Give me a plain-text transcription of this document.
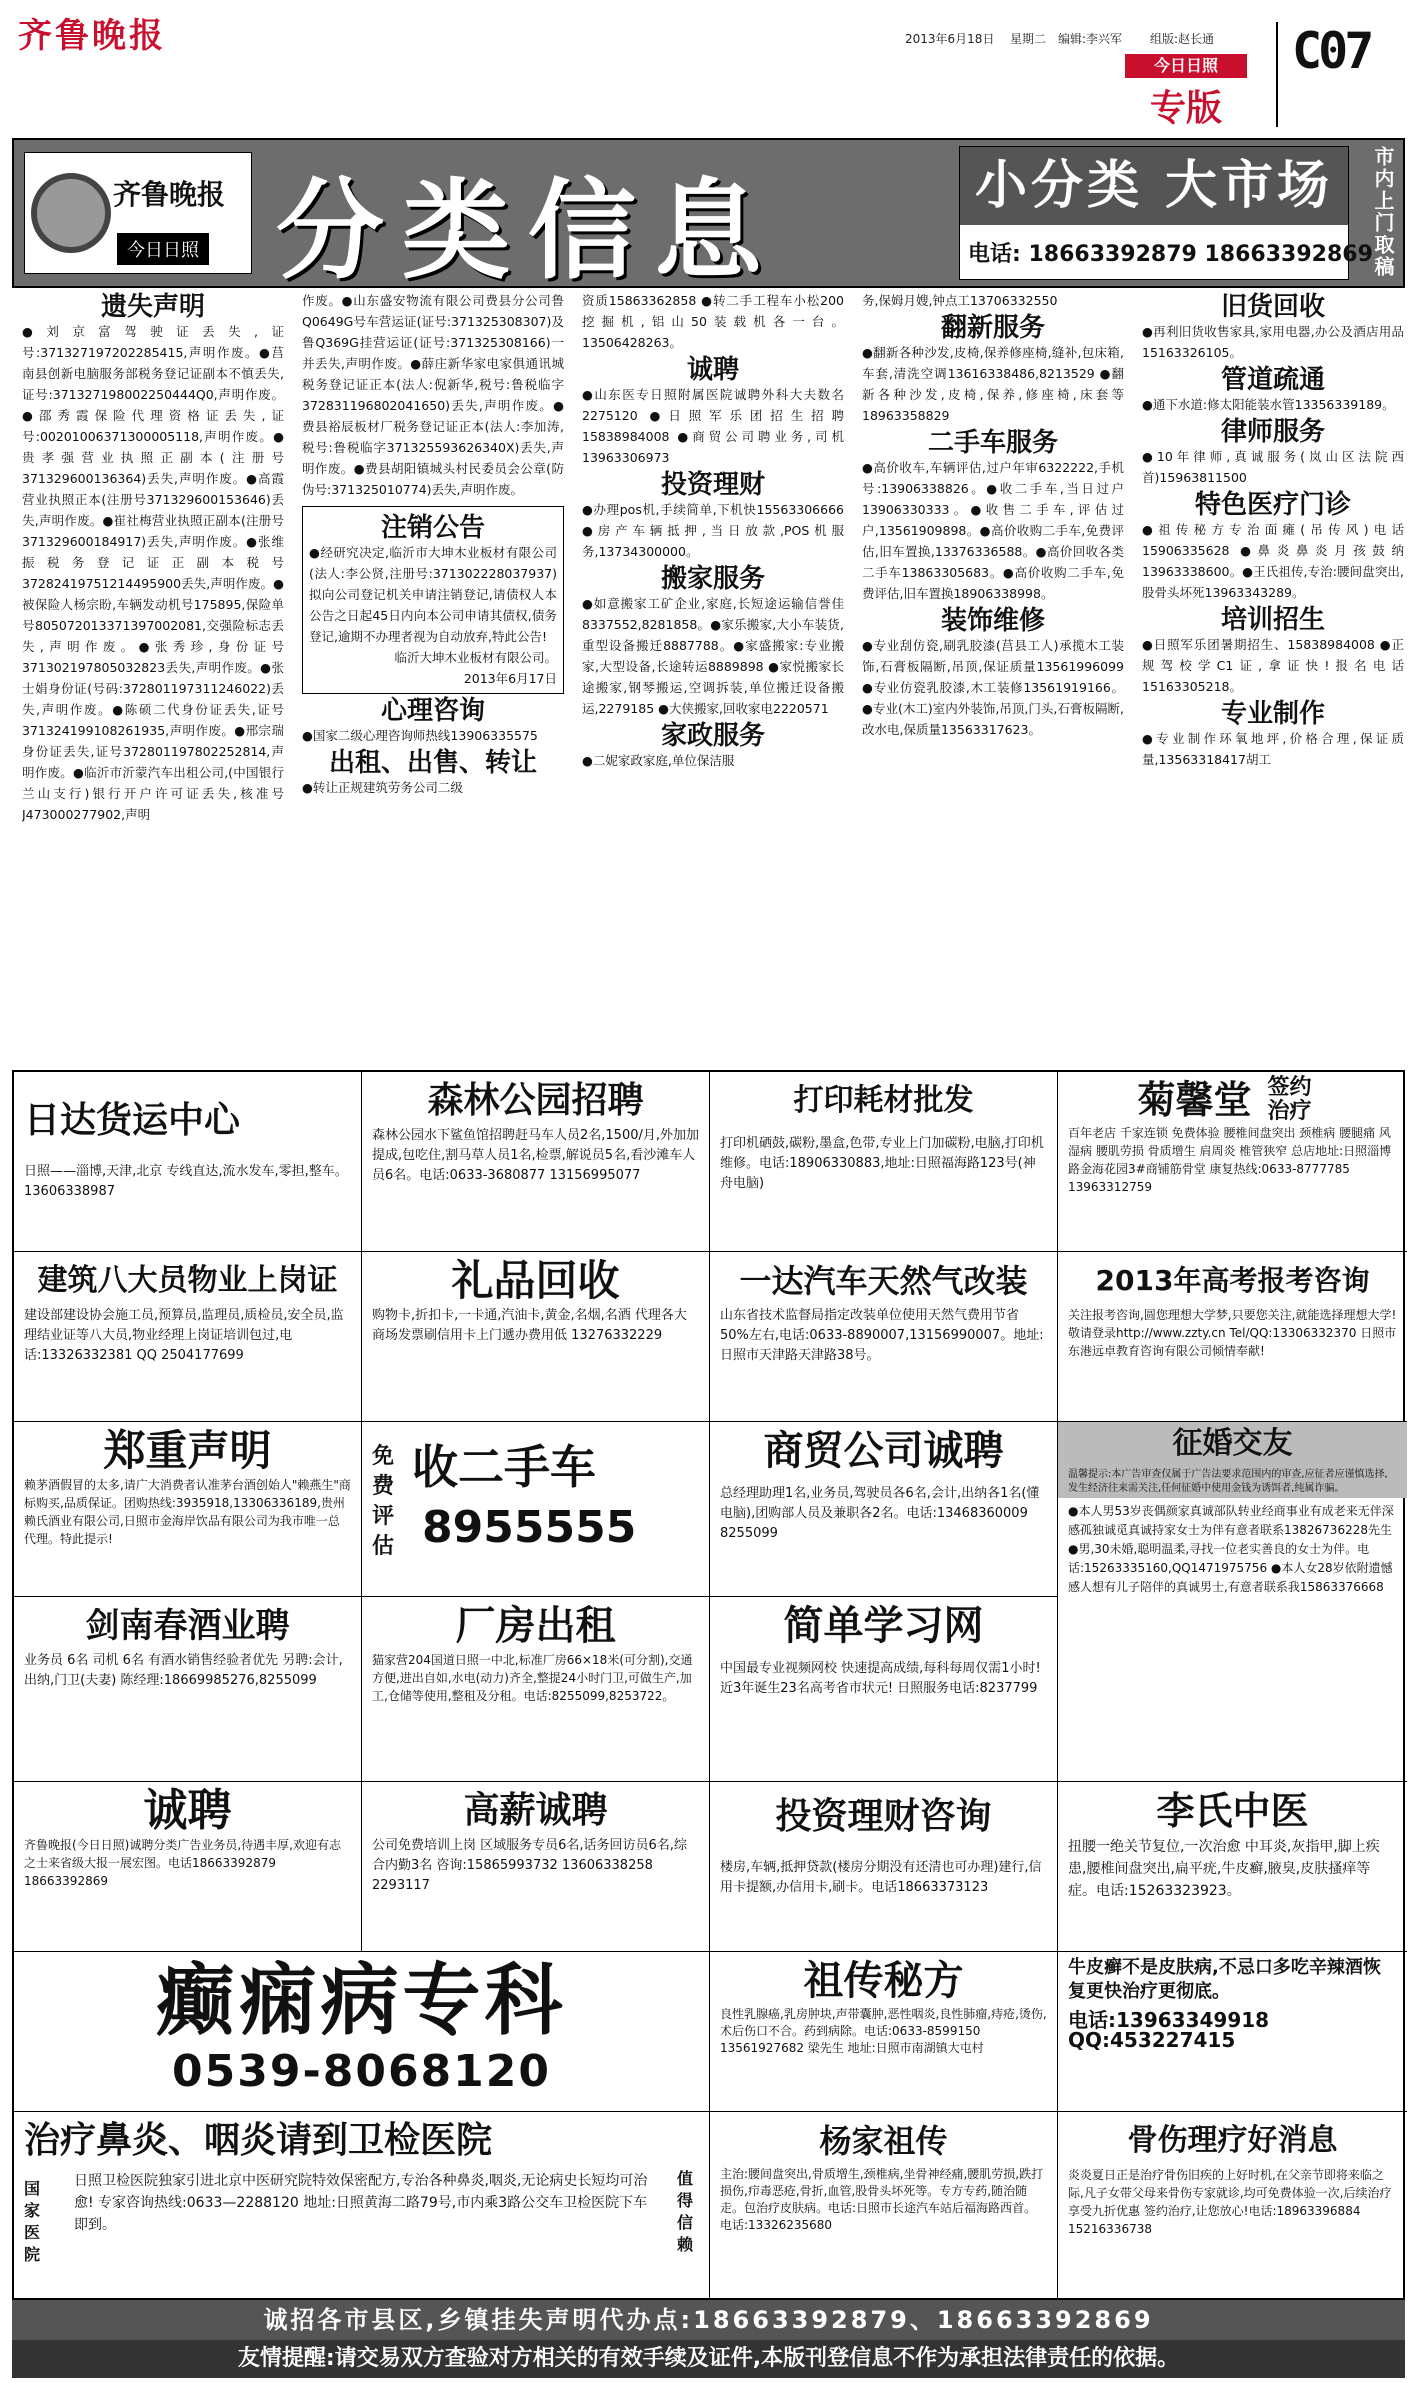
齐鲁晚报	2013年6月18日 星期二 编辑:李兴军 组版:赵长通
今日日照
专版
C07
齐鲁晚报
今日日照 分类信息	小分类 大市场
电话: 18663392879 18663392869
市内上门取稿
遗失声明

●刘京富驾驶证丢失,证号:371327197202285415,声明作废。●莒南县创新电脑服务部税务登记证副本不慎丢失,证号:371327198002250444Q0,声明作废。●邵秀霞保险代理资格证丢失,证号:00201006371300005118,声明作废。●贵孝强营业执照正副本(注册号371329600136364)丢失,声明作废。●高霞营业执照正本(注册号371329600153646)丢失,声明作废。●崔社梅营业执照正副本(注册号371329600184917)丢失,声明作废。●张维振税务登记证正副本税号37282419751214495900丢失,声明作废。●被保险人杨宗盼,车辆发动机号175895,保险单号805072013371397002081,交强险标志丢失,声明作废。●张秀珍,身份证号371302197805032823丢失,声明作废。●张士娟身份证(号码:372801197311246022)丢失,声明作废。●陈硕二代身份证丢失,证号371324199108261935,声明作废。●邢宗瑞身份证丢失,证号372801197802252814,声明作废。●临沂市沂蒙汽车出租公司,(中国银行兰山支行)银行开户许可证丢失,核准号J473000277902,声明

作废。●山东盛安物流有限公司费县分公司鲁Q0649G号车营运证(证号:371325308307)及鲁Q369G挂营运证(证号:371325308166)一并丢失,声明作废。●薛庄新华家电家俱通讯城税务登记证正本(法人:倪新华,税号:鲁税临字372831196802041650)丢失,声明作废。●费县裕辰板材厂税务登记证正本(法人:李加涛,税号:鲁税临字371325593626340X)丢失,声明作废。●费县胡阳镇城头村民委员会公章(防伪号:371325010774)丢失,声明作废。

注销公告

●经研究决定,临沂市大坤木业板材有限公司(法人:李公贤,注册号:371302228037937)拟向公司登记机关申请注销登记,请债权人本公告之日起45日内向本公司申请其债权,债务登记,逾期不办理者视为自动放弃,特此公告!

临沂大坤木业板材有限公司。

2013年6月17日

心理咨询

●国家二级心理咨询师热线13906335575

出租、出售、转让

●转让正规建筑劳务公司二级

资质15863362858 ●转二手工程车小松200挖掘机,铝山50装载机各一台。13506428263。

诚聘

●山东医专日照附属医院诚聘外科大夫数名2275120 ●日照军乐团招生招聘15838984008 ●商贸公司聘业务,司机13963306973

投资理财

●办理pos机,手续简单,下机快15563306666 ●房产车辆抵押,当日放款,POS机服务,13734300000。

搬家服务

●如意搬家工矿企业,家庭,长短途运输信誉佳8337552,8281858。●家乐搬家,大小车装货,重型设备搬迁8887788。●家盛搬家:专业搬家,大型设备,长途转运8889898 ●家悦搬家长途搬家,钢琴搬运,空调拆装,单位搬迁设备搬运,2279185 ●大侠搬家,回收家电2220571

家政服务

●二妮家政家庭,单位保洁服

务,保姆月嫂,钟点工13706332550

翻新服务

●翻新各种沙发,皮椅,保养修座椅,缝补,包床箱,车套,清洗空调13616338486,8213529 ●翻新各种沙发,皮椅,保养,修座椅,床套等18963358829

二手车服务

●高价收车,车辆评估,过户年审6322222,手机号:13906338826。●收二手车,当日过户13906330333。●收售二手车,评估过户,13561909898。●高价收购二手车,免费评估,旧车置换,13376336588。●高价回收各类二手车13863305683。●高价收购二手车,免费评估,旧车置换18906338998。

装饰维修

●专业刮仿瓷,刷乳胶漆(莒县工人)承揽木工装饰,石膏板隔断,吊顶,保证质量13561996099 ●专业仿瓷乳胶漆,木工装修13561919166。●专业(木工)室内外装饰,吊顶,门头,石膏板隔断,改水电,保质量13563317623。

旧货回收

●再利旧货收售家具,家用电器,办公及酒店用品15163326105。

管道疏通

●通下水道:修太阳能装水管13356339189。

律师服务

●10年律师,真诚服务(岚山区法院西首)15963811500

特色医疗门诊

●祖传秘方专治面瘫(吊传风)电话15906335628 ●鼻炎鼻炎月孩鼓纳13963338600。●王氏祖传,专治:腰间盘突出,股骨头坏死13963343289。

培训招生

●日照军乐团暑期招生、15838984008 ●正规驾校学C1证,拿证快!报名电话15163305218。

专业制作

●专业制作环氧地坪,价格合理,保证质量,13563318417胡工

日达货运中心
日照——淄博,天津,北京 专线直达,流水发车,零担,整车。13606338987
森林公园招聘
森林公园水下鲨鱼馆招聘赶马车人员2名,1500/月,外加加提成,包吃住,割马草人员1名,检票,解说员5名,看沙滩车人员6名。电话:0633-3680877 13156995077
打印耗材批发
打印机硒鼓,碳粉,墨盒,色带,专业上门加碳粉,电脑,打印机维修。电话:18906330883,地址:日照福海路123号(神舟电脑)
菊馨堂 签约治疗
百年老店 千家连锁 免费体验 腰椎间盘突出 颈椎病 腰腿痛 风湿病 腰肌劳损 骨质增生 肩周炎 椎管狭窄 总店地址:日照淄博路金海花园3#商铺筋骨堂 康复热线:0633-8777785 13963312759
建筑八大员物业上岗证
建设部建设协会施工员,预算员,监理员,质检员,安全员,监理结业证等八大员,物业经理上岗证培训包过,电话:13326332381 QQ 2504177699
礼品回收
购物卡,折扣卡,一卡通,汽油卡,黄金,名烟,名酒 代理各大商场发票刷信用卡上门遞办费用低 13276332229
一达汽车天然气改装
山东省技术监督局指定改装单位使用天然气费用节省50%左右,电话:0633-8890007,13156990007。地址:日照市天津路天津路38号。
2013年高考报考咨询
关注报考咨询,圆您理想大学梦,只要您关注,就能选择理想大学!敬请登录http://www.zzty.cn Tel/QQ:13306332370 日照市东港远卓教育咨询有限公司倾情奉献!
郑重声明
赖茅酒假冒的太多,请广大消费者认准茅台酒创始人"赖燕生"商标购买,品质保证。团购热线:3935918,13306336189,贵州赖氏酒业有限公司,日照市金海岸饮品有限公司为我市唯一总代理。特此提示!
免费评估
收二手车
8955555
商贸公司诚聘
总经理助理1名,业务员,驾驶员各6名,会计,出纳各1名(懂电脑),团购部人员及兼职各2名。电话:13468360009 8255099
征婚交友
温馨提示:本广告审查仅属于广告法要求范围内的审查,应征者应谨慎选择,发生经济往来需关注,任何征婚中使用金钱为诱饵者,纯属诈骗。
●本人男53岁丧偶颜家真诚部队转业经商事业有成老来无伴深感孤独诚觅真诚持家女士为伴有意者联系13826736228先生 ●男,30未婚,聪明温柔,寻找一位老实善良的女士为伴。电话:15263335160,QQ1471975756 ●本人女28岁依附遗憾感人想有儿子陪伴的真诚男士,有意者联系我15863376668
剑南春酒业聘
业务员 6名 司机 6名 有酒水销售经验者优先 另聘:会计,出纳,门卫(夫妻) 陈经理:18669985276,8255099
厂房出租
猫家营204国道日照一中北,标准厂房66×18米(可分割),交通方便,进出自如,水电(动力)齐全,整提24小时门卫,可做生产,加工,仓储等使用,整租及分租。电话:8255099,8253722。
简单学习网
中国最专业视频网校 快速提高成绩,每科每周仅需1小时! 近3年诞生23名高考省市状元! 日照服务电话:8237799
诚聘
齐鲁晚报(今日日照)诚聘分类广告业务员,待遇丰厚,欢迎有志之士来省级大报一展宏图。电话18663392879 18663392869
高薪诚聘
公司免费培训上岗 区域服务专员6名,话务回访员6名,综合内勤3名 咨询:15865993732 13606338258 2293117
投资理财咨询
楼房,车辆,抵押贷款(楼房分期没有还清也可办理)建行,信用卡提额,办信用卡,刷卡。电话18663373123
李氏中医
扭腰一绝关节复位,一次治愈 中耳炎,灰指甲,脚上疾患,腰椎间盘突出,扁平疣,牛皮癣,腋臭,皮肤搔痒等症。电话:15263323923。
癫痫病专科
0539-8068120
祖传秘方
良性乳腺癌,乳房肿块,声带囊肿,恶性咽炎,良性肺瘤,痔疮,烫伤,术后伤口不合。药到病除。电话:0633-8599150 13561927682 梁先生 地址:日照市南湖镇大屯村
牛皮癣不是皮肤病,不忌口多吃辛辣酒恢复更快治疗更彻底。
电话:13963349918
QQ:453227415
治疗鼻炎、咽炎请到卫检医院
国家医院
值得信赖
日照卫检医院独家引进北京中医研究院特效保密配方,专治各种鼻炎,咽炎,无论病史长短均可治愈! 专家咨询热线:0633—2288120 地址:日照黄海二路79号,市内乘3路公交车卫检医院下车即到。
杨家祖传
主治:腰间盘突出,骨质增生,颈椎病,坐骨神经痛,腰肌劳损,跌打损伤,疖毒恶疮,骨折,血管,股骨头坏死等。专方专药,随治随走。包治疗皮肤病。电话:日照市长途汽车站后福海路西首。电话:13326235680
骨伤理疗好消息
炎炎夏日正是治疗骨伤旧疾的上好时机,在父亲节即将来临之际,凡子女带父母来骨伤专家就诊,均可免费体验一次,后续治疗享受九折优惠 签约治疗,让您放心!电话:18963396884 15216336738
诚招各市县区,乡镇挂失声明代办点:18663392879、18663392869
友情提醒:请交易双方查验对方相关的有效手续及证件,本版刊登信息不作为承担法律责任的依据。
